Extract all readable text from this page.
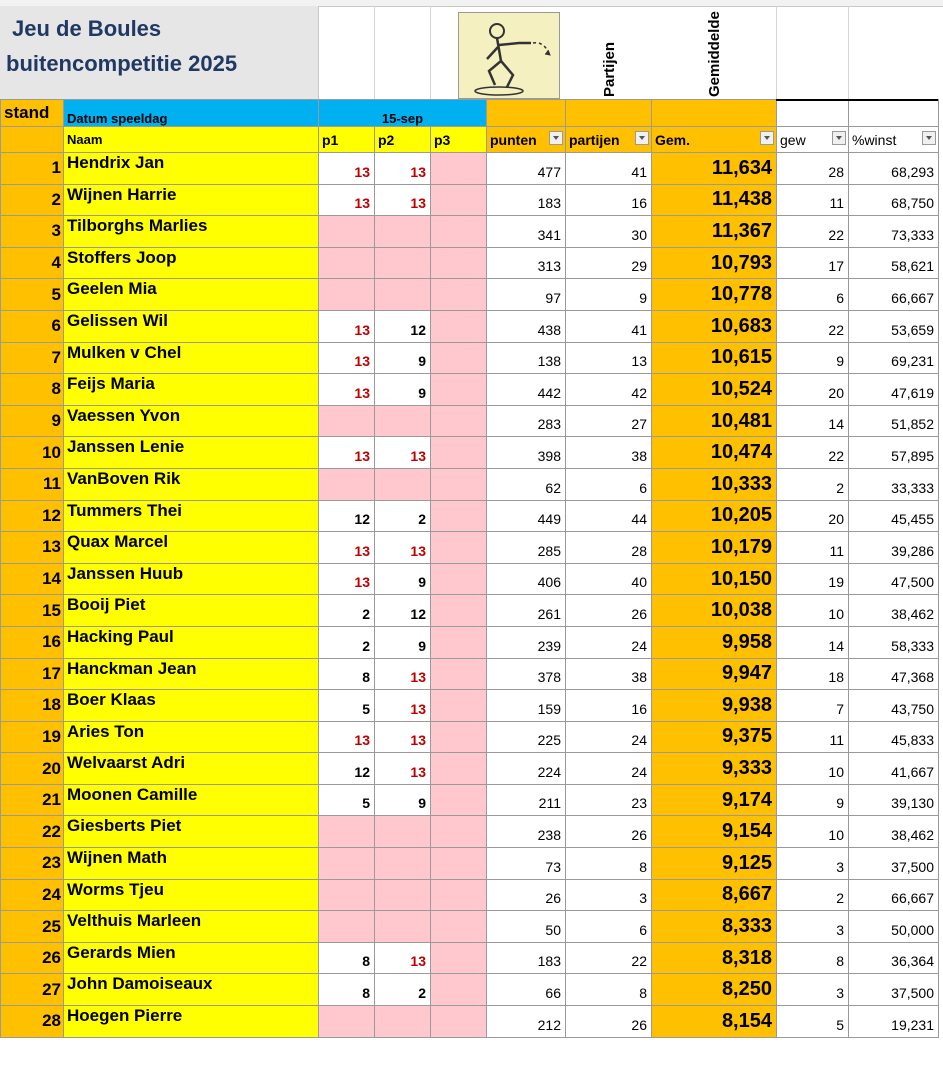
Jeu de Boules
buitencompetitie 2025	Partijen	Gemiddelde
stand	Datum speeldag	15-sep							
	Naam	p1	p2	p3	punten	partijen	Gem.	gew	%winst

1	Hendrix Jan	13	13		477	41	11,634	28	68,293
2	Wijnen Harrie	13	13		183	16	11,438	11	68,750
3	Tilborghs Marlies				341	30	11,367	22	73,333
4	Stoffers Joop				313	29	10,793	17	58,621
5	Geelen Mia				97	9	10,778	6	66,667
6	Gelissen Wil	13	12		438	41	10,683	22	53,659
7	Mulken v Chel	13	9		138	13	10,615	9	69,231
8	Feijs Maria	13	9		442	42	10,524	20	47,619
9	Vaessen Yvon				283	27	10,481	14	51,852
10	Janssen Lenie	13	13		398	38	10,474	22	57,895
11	VanBoven Rik				62	6	10,333	2	33,333
12	Tummers Thei	12	2		449	44	10,205	20	45,455
13	Quax Marcel	13	13		285	28	10,179	11	39,286
14	Janssen Huub	13	9		406	40	10,150	19	47,500
15	Booij Piet	2	12		261	26	10,038	10	38,462
16	Hacking Paul	2	9		239	24	9,958	14	58,333
17	Hanckman Jean	8	13		378	38	9,947	18	47,368
18	Boer Klaas	5	13		159	16	9,938	7	43,750
19	Aries Ton	13	13		225	24	9,375	11	45,833
20	Welvaarst Adri	12	13		224	24	9,333	10	41,667
21	Moonen Camille	5	9		211	23	9,174	9	39,130
22	Giesberts Piet				238	26	9,154	10	38,462
23	Wijnen Math				73	8	9,125	3	37,500
24	Worms Tjeu				26	3	8,667	2	66,667
25	Velthuis Marleen				50	6	8,333	3	50,000
26	Gerards Mien	8	13		183	22	8,318	8	36,364
27	John Damoiseaux	8	2		66	8	8,250	3	37,500
28	Hoegen Pierre				212	26	8,154	5	19,231
